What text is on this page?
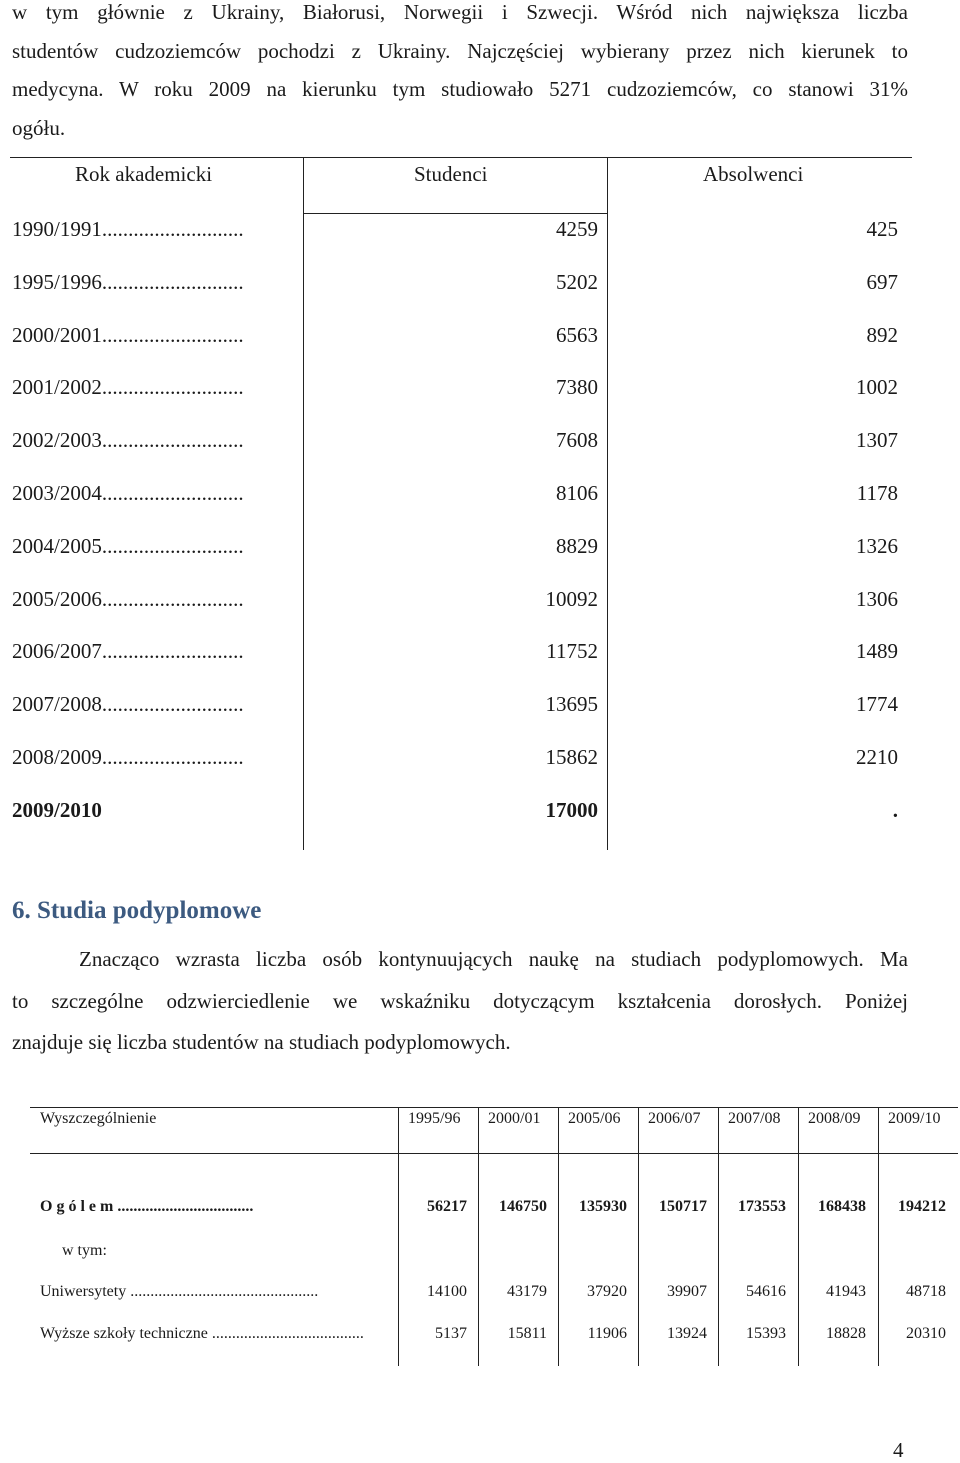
w tym głównie z Ukrainy, Białorusi, Norwegii i Szwecji. Wśród nich największa liczba
studentów cudzoziemców pochodzi z Ukrainy. Najczęściej wybierany przez nich kierunek to
medycyna. W roku 2009 na kierunku tym studiowało 5271 cudzoziemców, co stanowi 31%
ogółu.
Rok akademicki	Studenci	Absolwenci
1990/1991...........................	4259	425
1995/1996...........................	5202	697
2000/2001...........................	6563	892
2001/2002...........................	7380	1002
2002/2003...........................	7608	1307
2003/2004...........................	8106	1178
2004/2005...........................	8829	1326
2005/2006...........................	10092	1306
2006/2007...........................	11752	1489
2007/2008...........................	13695	1774
2008/2009...........................	15862	2210
2009/2010	17000	.
6. Studia podyplomowe
Znacząco wzrasta liczba osób kontynuujących naukę na studiach podyplomowych. Ma
to szczególne odzwierciedlenie we wskaźniku dotyczącym kształcenia dorosłych. Poniżej
znajduje się liczba studentów na studiach podyplomowych.
Wyszczególnienie	1995/96 2000/01 2005/06 2006/07 2007/08 2008/09 2009/10
O g ó l e m ..................................	56217	146750	135930	150717	173553	168438	194212
w tym:
Uniwersytety ...............................................	14100	43179	37920	39907	54616	41943	48718
Wyższe szkoły techniczne ......................................	5137	15811	11906	13924	15393	18828	20310
4
